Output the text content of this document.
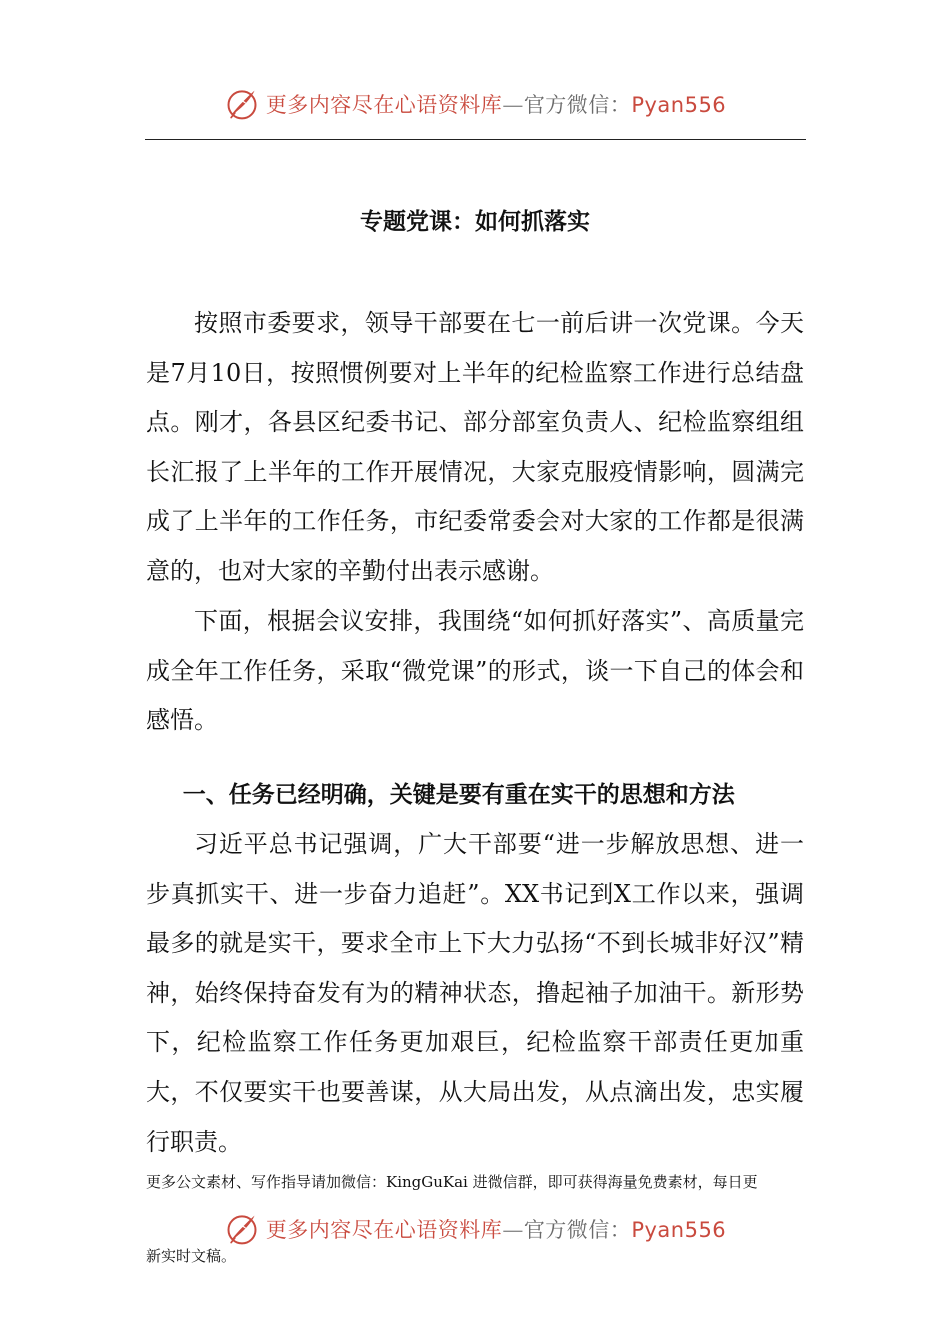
更多内容尽在心语资料库—官方微信：Pyan556
专题党课：如何抓落实

按照市委要求，领导干部要在七一前后讲一次党课。今天是7月10日，按照惯例要对上半年的纪检监察工作进行总结盘点。刚才，各县区纪委书记、部分部室负责人、纪检监察组组长汇报了上半年的工作开展情况，大家克服疫情影响，圆满完成了上半年的工作任务，市纪委常委会对大家的工作都是很满意的，也对大家的辛勤付出表示感谢。

下面，根据会议安排，我围绕“如何抓好落实”、高质量完成全年工作任务，采取“微党课”的形式，谈一下自己的体会和感悟。

一、任务已经明确，关键是要有重在实干的思想和方法

习近平总书记强调，广大干部要“进一步解放思想、进一步真抓实干、进一步奋力追赶”。XX书记到X工作以来，强调最多的就是实干，要求全市上下大力弘扬“不到长城非好汉”精神，始终保持奋发有为的精神状态，撸起袖子加油干。新形势下，纪检监察工作任务更加艰巨，纪检监察干部责任更加重大，不仅要实干也要善谋，从大局出发，从点滴出发，忠实履行职责。

更多公文素材、写作指导请加微信：KingGuKai 进微信群，即可获得海量免费素材，每日更
更多内容尽在心语资料库—官方微信：Pyan556
新实时文稿。
